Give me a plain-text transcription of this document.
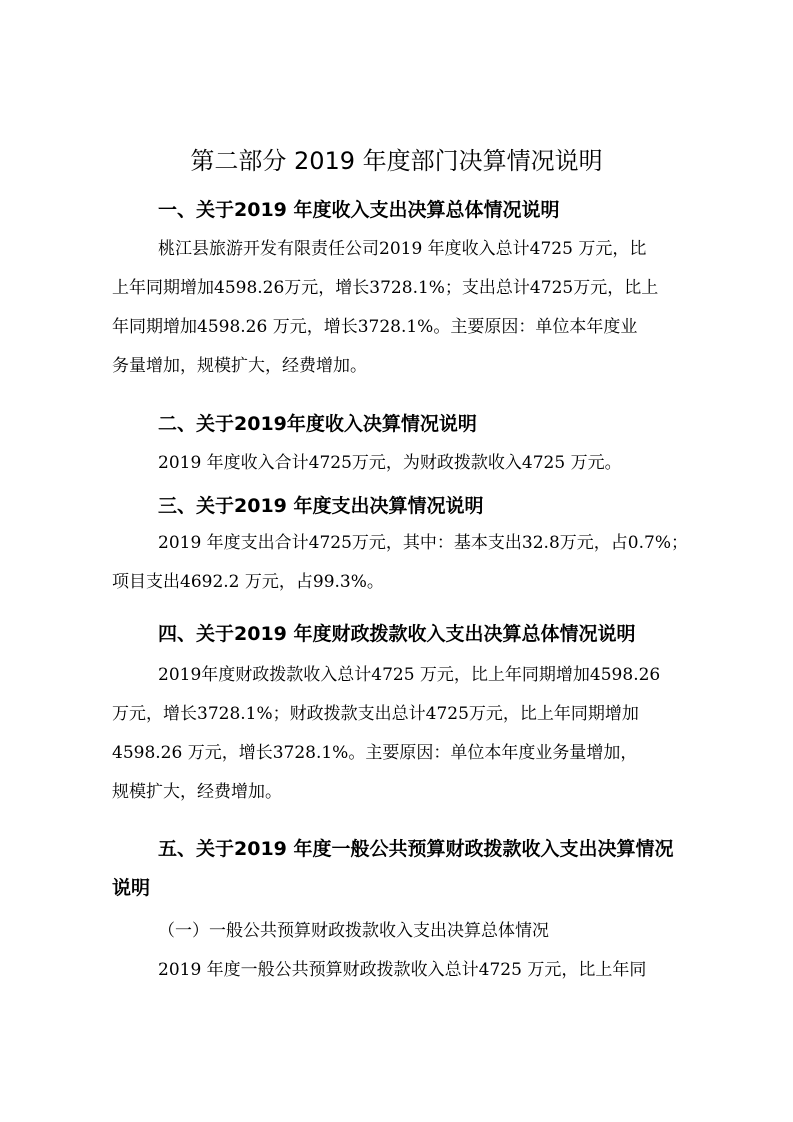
第二部分 2019 年度部门决算情况说明

一、关于2019 年度收入支出决算总体情况说明

桃江县旅游开发有限责任公司2019 年度收入总计4725 万元，比

上年同期增加4598.26万元，增长3728.1%；支出总计4725万元，比上

年同期增加4598.26 万元，增长3728.1%。主要原因：单位本年度业

务量增加，规模扩大，经费增加。

二、关于2019年度收入决算情况说明

2019 年度收入合计4725万元，为财政拨款收入4725 万元。

三、关于2019 年度支出决算情况说明

2019 年度支出合计4725万元，其中：基本支出32.8万元，占0.7%；

项目支出4692.2 万元，占99.3%。

四、关于2019 年度财政拨款收入支出决算总体情况说明

2019年度财政拨款收入总计4725 万元，比上年同期增加4598.26

万元，增长3728.1%；财政拨款支出总计4725万元，比上年同期增加

4598.26 万元，增长3728.1%。主要原因：单位本年度业务量增加，

规模扩大，经费增加。

五、关于2019 年度一般公共预算财政拨款收入支出决算情况说明

（一）一般公共预算财政拨款收入支出决算总体情况

2019 年度一般公共预算财政拨款收入总计4725 万元，比上年同
